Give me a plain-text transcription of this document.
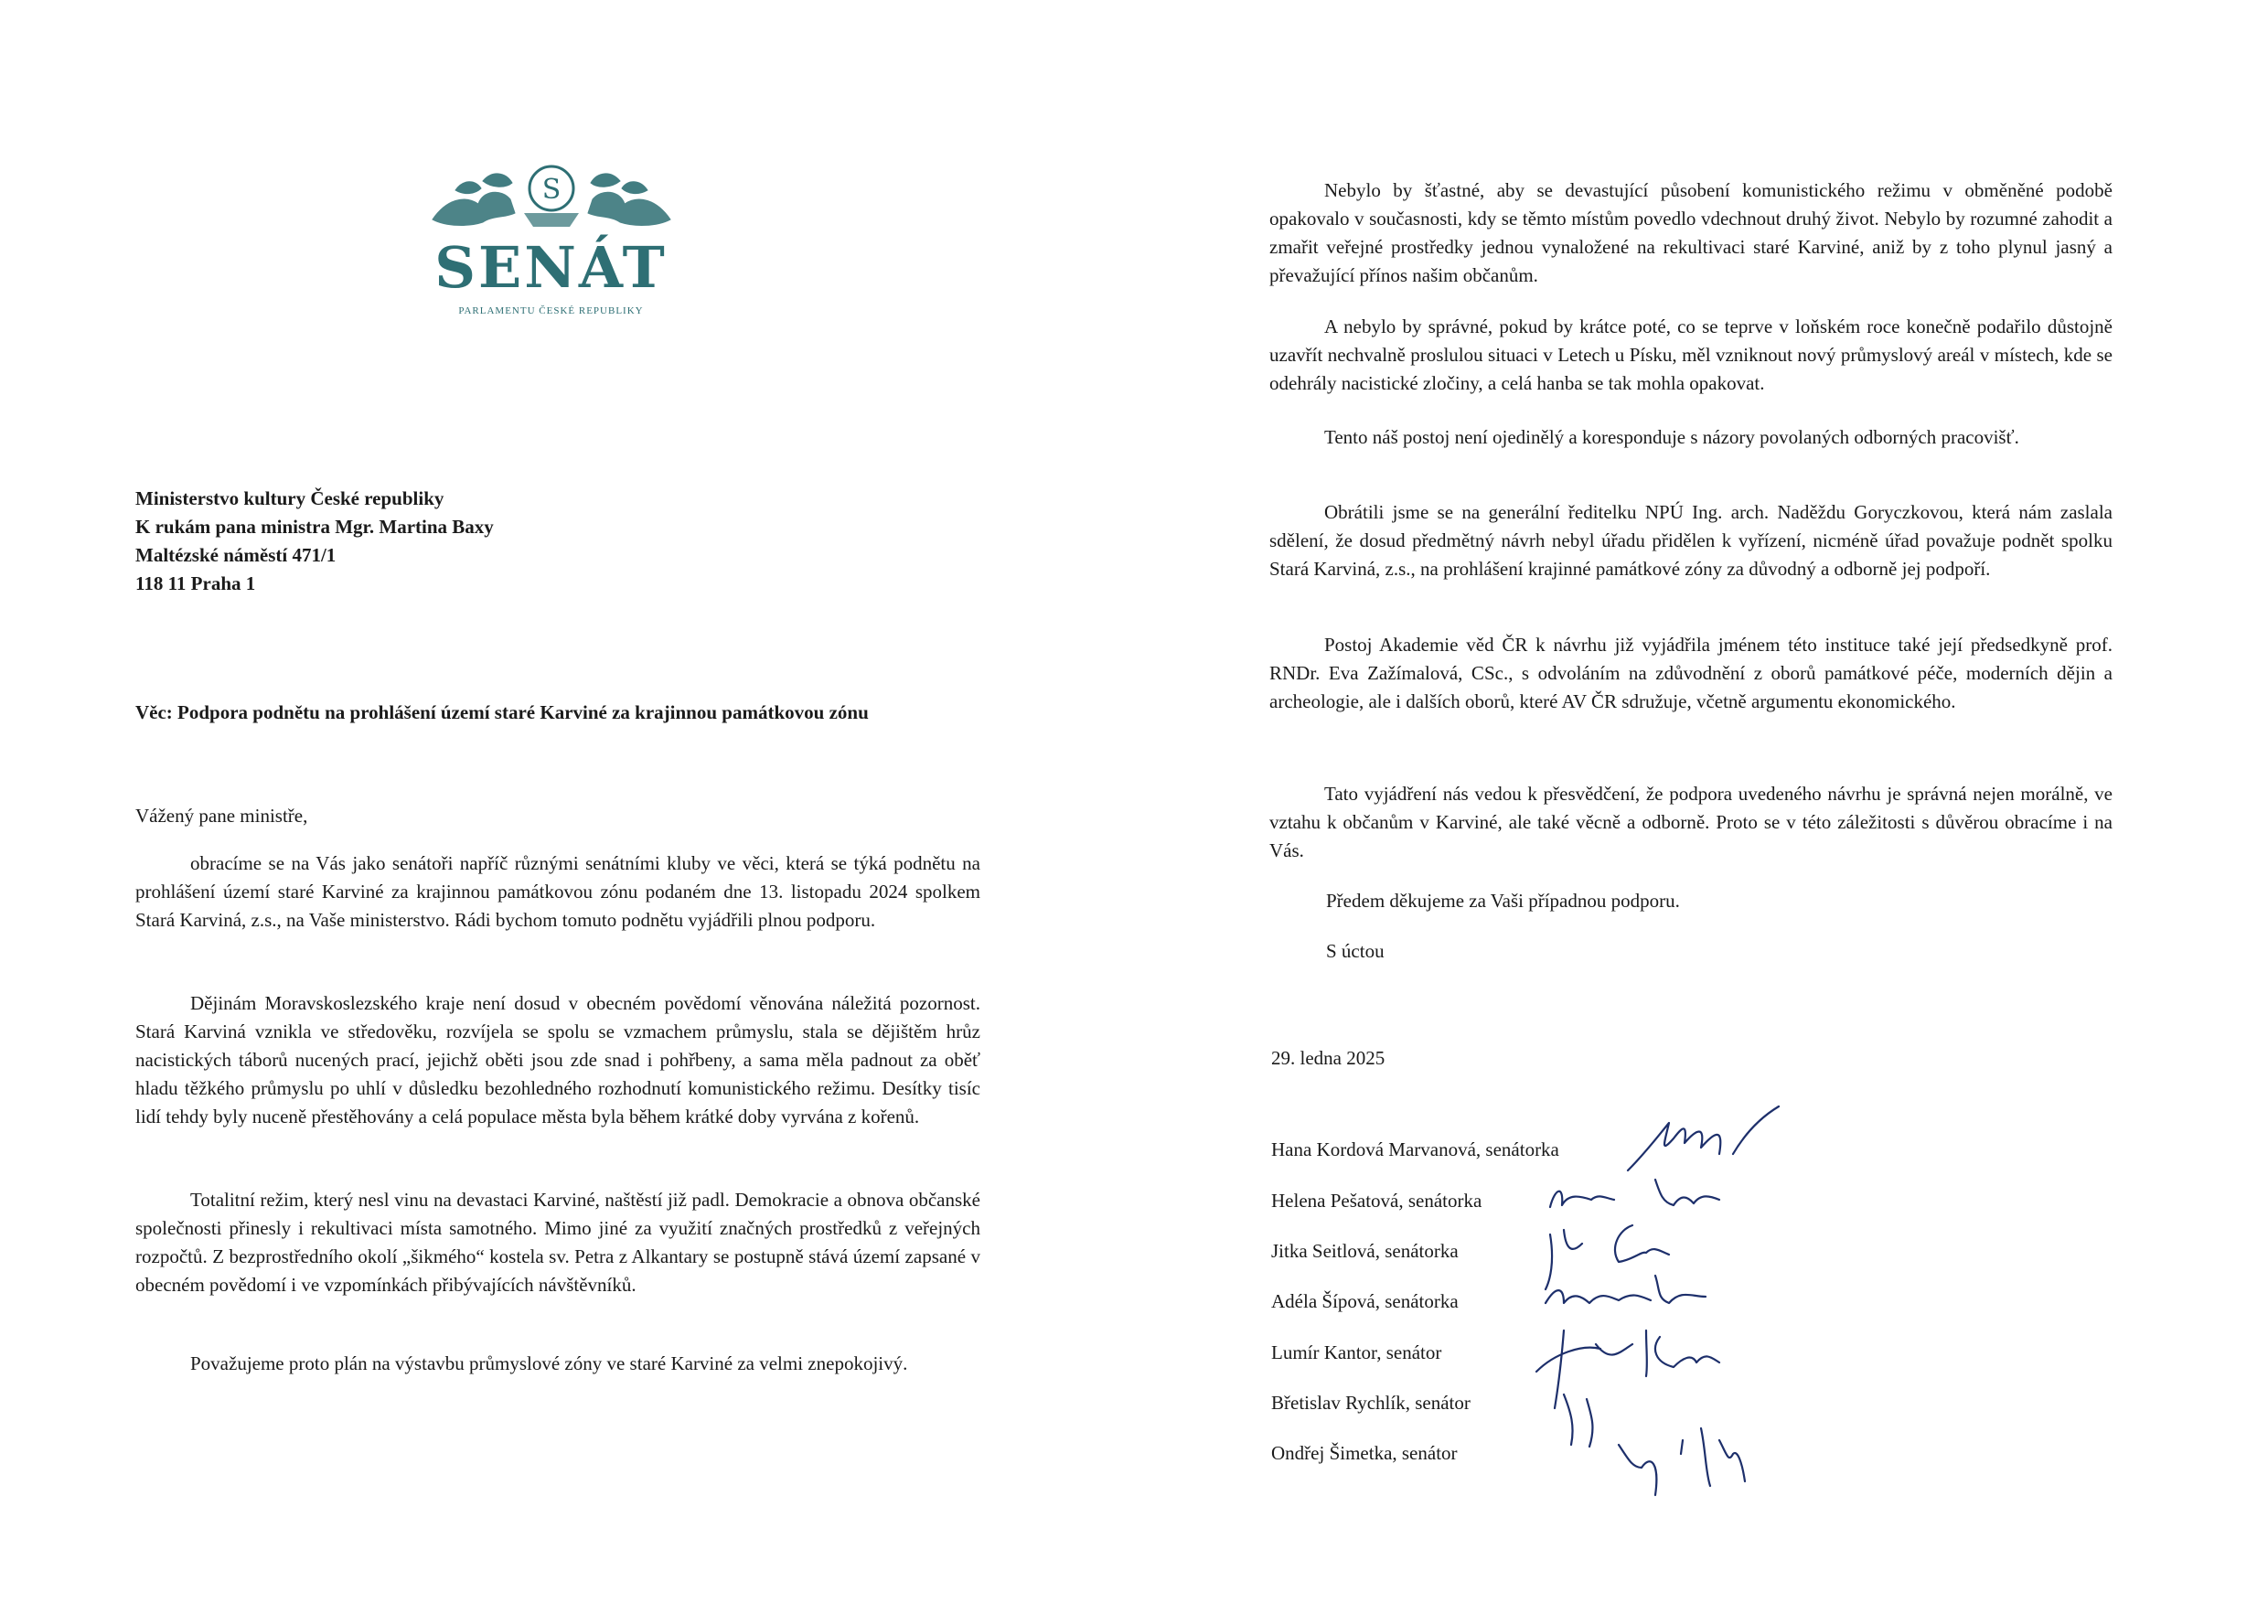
S
SENÁT
PARLAMENTU ČESKÉ REPUBLIKY
Ministerstvo kultury České republiky
K rukám pana ministra Mgr. Martina Baxy
Maltézské náměstí 471/1
118 11 Praha 1
Věc: Podpora podnětu na prohlášení území staré Karviné za krajinnou památkovou zónu
Vážený pane ministře,

obracíme se na Vás jako senátoři napříč různými senátními kluby ve věci, která se týká podnětu na prohlášení území staré Karviné za krajinnou památkovou zónu podaném dne 13. listopadu 2024 spolkem Stará Karviná, z.s., na Vaše ministerstvo. Rádi bychom tomuto podnětu vyjádřili plnou podporu.

Dějinám Moravskoslezského kraje není dosud v obecném povědomí věnována náležitá pozornost. Stará Karviná vznikla ve středověku, rozvíjela se spolu se vzmachem průmyslu, stala se dějištěm hrůz nacistických táborů nucených prací, jejichž oběti jsou zde snad i pohřbeny, a sama měla padnout za oběť hladu těžkého průmyslu po uhlí v důsledku bezohledného rozhodnutí komunistického režimu. Desítky tisíc lidí tehdy byly nuceně přestěhovány a celá populace města byla během krátké doby vyrvána z kořenů.

Totalitní režim, který nesl vinu na devastaci Karviné, naštěstí již padl. Demokracie a obnova občanské společnosti přinesly i rekultivaci místa samotného. Mimo jiné za využití značných prostředků z veřejných rozpočtů. Z bezprostředního okolí „šikmého“ kostela sv. Petra z Alkantary se postupně stává území zapsané v obecném povědomí i ve vzpomínkách přibývajících návštěvníků.

Považujeme proto plán na výstavbu průmyslové zóny ve staré Karviné za velmi znepokojivý.

Nebylo by šťastné, aby se devastující působení komunistického režimu v obměněné podobě opakovalo v současnosti, kdy se těmto místům povedlo vdechnout druhý život. Nebylo by rozumné zahodit a zmařit veřejné prostředky jednou vynaložené na rekultivaci staré Karviné, aniž by z toho plynul jasný a převažující přínos našim občanům.

A nebylo by správné, pokud by krátce poté, co se teprve v loňském roce konečně podařilo důstojně uzavřít nechvalně proslulou situaci v Letech u Písku, měl vzniknout nový průmyslový areál v místech, kde se odehrály nacistické zločiny, a celá hanba se tak mohla opakovat.

Tento náš postoj není ojedinělý a koresponduje s názory povolaných odborných pracovišť.

Obrátili jsme se na generální ředitelku NPÚ Ing. arch. Naděždu Goryczkovou, která nám zaslala sdělení, že dosud předmětný návrh nebyl úřadu přidělen k vyřízení, nicméně úřad považuje podnět spolku Stará Karviná, z.s., na prohlášení krajinné památkové zóny za důvodný a odborně jej podpoří.

Postoj Akademie věd ČR k návrhu již vyjádřila jménem této instituce také její předsedkyně prof. RNDr. Eva Zažímalová, CSc., s odvoláním na zdůvodnění z oborů památkové péče, moderních dějin a archeologie, ale i dalších oborů, které AV ČR sdružuje, včetně argumentu ekonomického.

Tato vyjádření nás vedou k přesvědčení, že podpora uvedeného návrhu je správná nejen morálně, ve vztahu k občanům v Karviné, ale také věcně a odborně. Proto se v této záležitosti s důvěrou obracíme i na Vás.

Předem děkujeme za Vaši případnou podporu.
S úctou
29. ledna 2025
Hana Kordová Marvanová, senátorka
Helena Pešatová, senátorka
Jitka Seitlová, senátorka
Adéla Šípová, senátorka
Lumír Kantor, senátor
Břetislav Rychlík, senátor
Ondřej Šimetka, senátor
